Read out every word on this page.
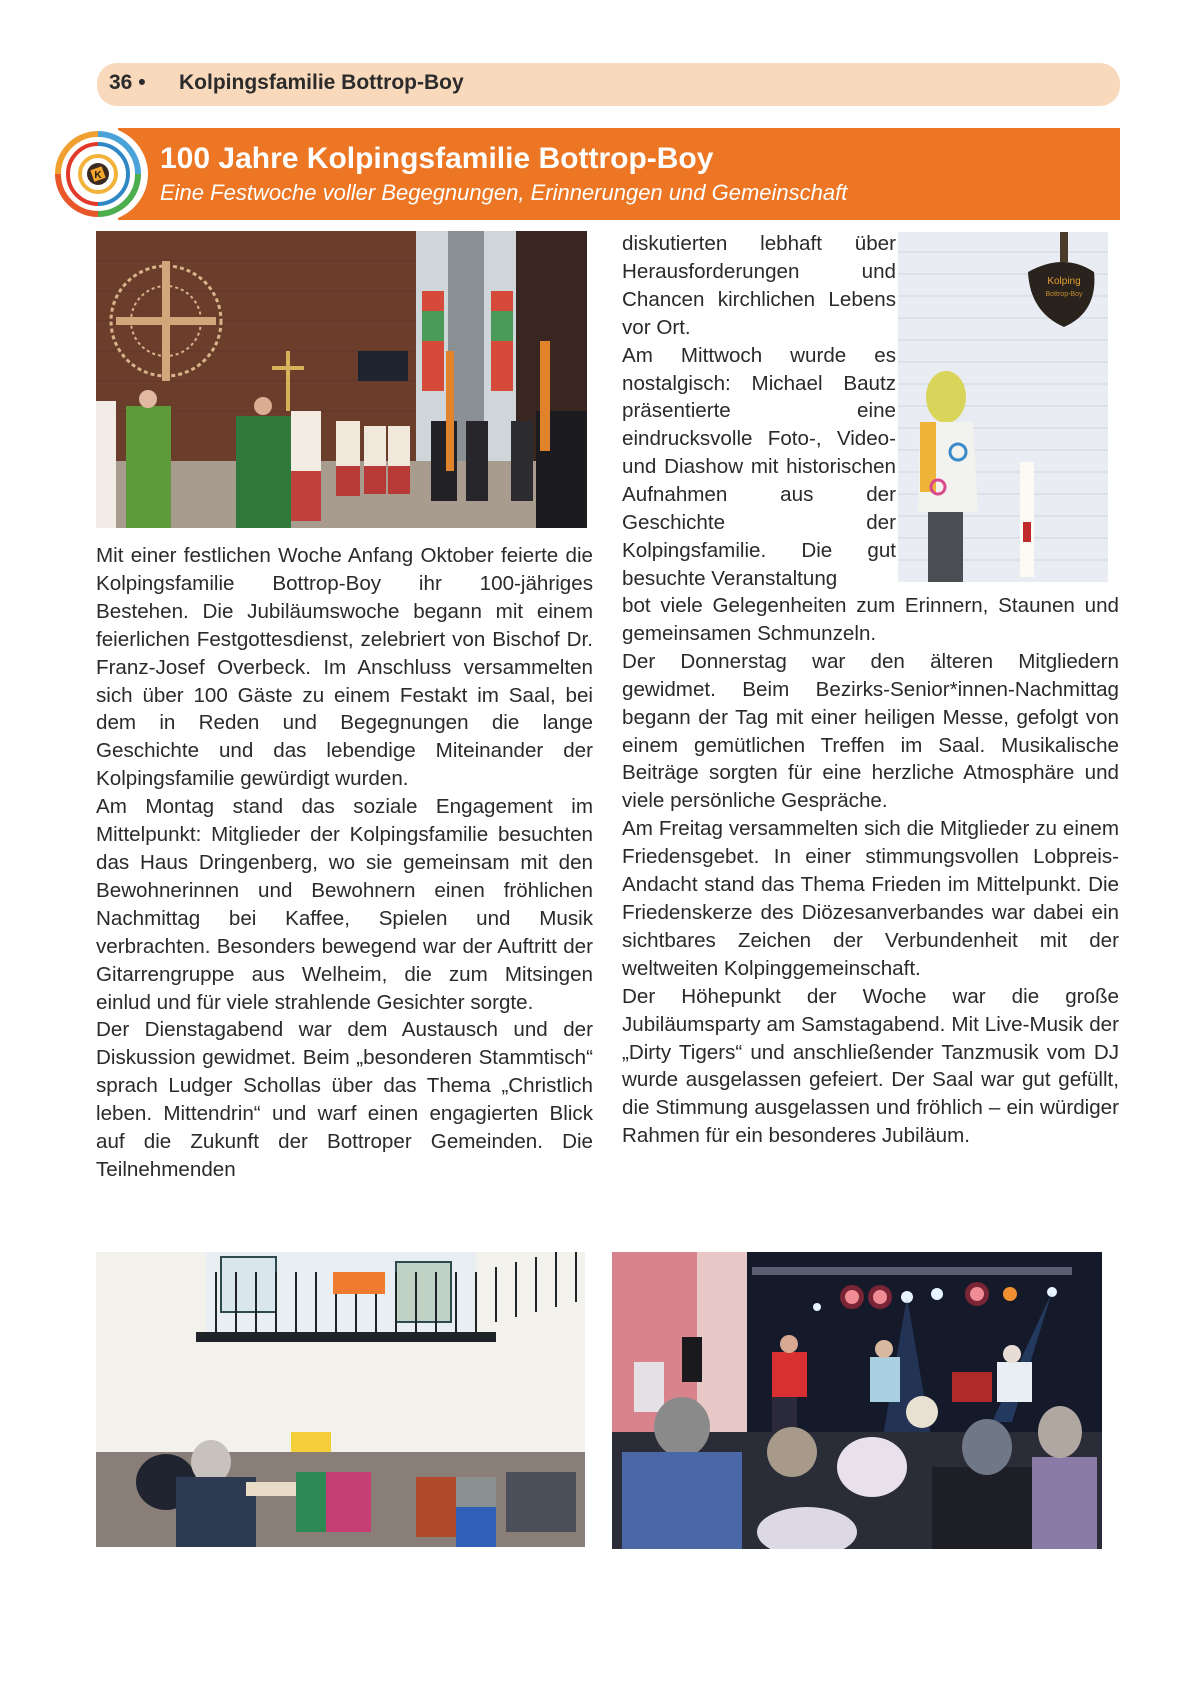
36 • Kolpingsfamilie Bottrop-Boy
100 Jahre Kolpingsfamilie Bottrop-Boy
Eine Festwoche voller Begegnungen, Erinnerungen und Gemeinschaft
K
Kolping
Bottrop-Boy

Mit einer festlichen Woche Anfang Oktober feierte die Kolpingsfamilie Bottrop-Boy ihr 100-jähriges Bestehen. Die Jubiläumswoche begann mit einem feierlichen Festgottesdienst, zelebriert von Bischof Dr. Franz-Josef Overbeck. Im Anschluss versammelten sich über 100 Gäste zu einem Festakt im Saal, bei dem in Reden und Begegnungen die lange Geschichte und das lebendige Miteinander der Kolpingsfamilie gewürdigt wurden.

Am Montag stand das soziale Engagement im Mittelpunkt: Mitglieder der Kolpingsfamilie besuchten das Haus Dringenberg, wo sie gemeinsam mit den Bewohnerinnen und Bewohnern einen fröhlichen Nachmittag bei Kaffee, Spielen und Musik verbrachten. Besonders bewegend war der Auftritt der Gitarrengruppe aus Welheim, die zum Mitsingen einlud und für viele strahlende Gesichter sorgte.

Der Dienstagabend war dem Austausch und der Diskussion gewidmet. Beim „besonderen Stammtisch“ sprach Ludger Schollas über das Thema „Christlich leben. Mittendrin“ und warf einen engagierten Blick auf die Zukunft der Bottroper Gemeinden. Die Teilnehmenden

diskutierten lebhaft über Herausforderungen und Chancen kirchlichen Lebens vor Ort.

Am Mittwoch wurde es nostalgisch: Michael Bautz präsentierte eine eindrucksvolle Foto-, Video- und Diashow mit historischen Aufnahmen aus der Geschichte der Kolpingsfamilie. Die gut besuchte Veranstaltung

bot viele Gelegenheiten zum Erinnern, Staunen und gemeinsamen Schmunzeln.

Der Donnerstag war den älteren Mitgliedern gewidmet. Beim Bezirks-Senior*innen-Nachmittag begann der Tag mit einer heiligen Messe, gefolgt von einem gemütlichen Treffen im Saal. Musikalische Beiträge sorgten für eine herzliche Atmosphäre und viele persönliche Gespräche.

Am Freitag versammelten sich die Mitglieder zu einem Friedensgebet. In einer stimmungsvollen Lobpreis-Andacht stand das Thema Frieden im Mittelpunkt. Die Friedenskerze des Diözesanverbandes war dabei ein sichtbares Zeichen der Verbundenheit mit der weltweiten Kolpinggemeinschaft.

Der Höhepunkt der Woche war die große Jubiläumsparty am Samstagabend. Mit Live-Musik der „Dirty Tigers“ und anschließender Tanzmusik vom DJ wurde ausgelassen gefeiert. Der Saal war gut gefüllt, die Stimmung ausgelassen und fröhlich – ein würdiger Rahmen für ein besonderes Jubiläum.
